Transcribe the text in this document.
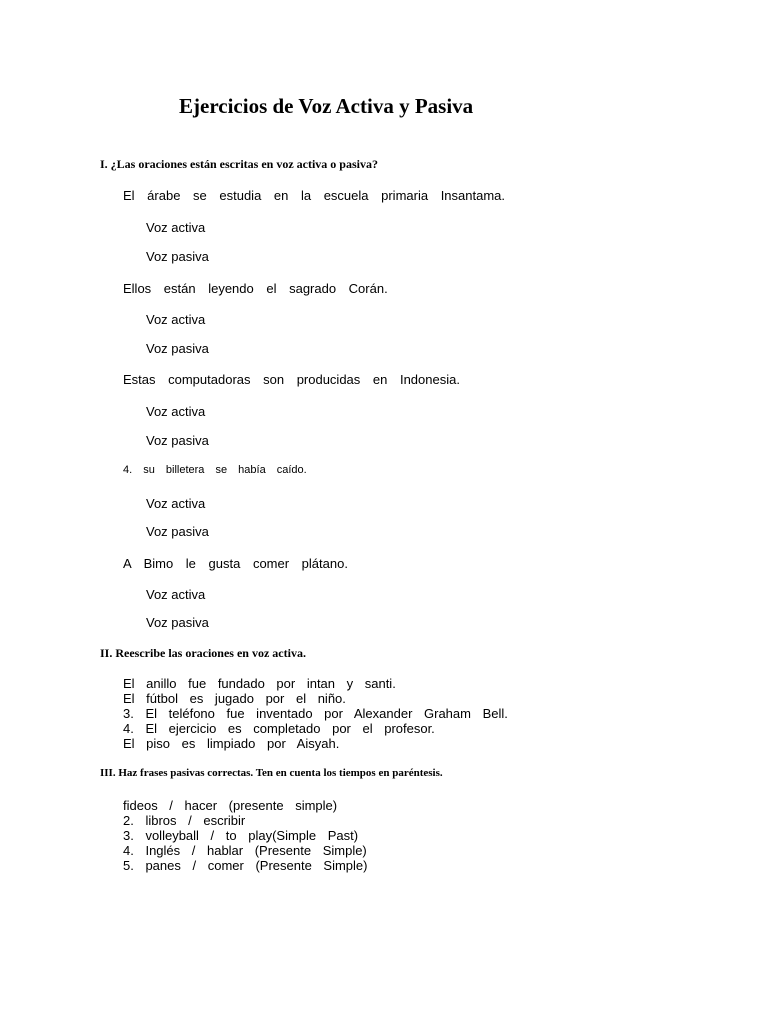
Ejercicios de Voz Activa y Pasiva
I. ¿Las oraciones están escritas en voz activa o pasiva?
El árabe se estudia en la escuela primaria Insantama.
Voz activa
Voz pasiva
Ellos están leyendo el sagrado Corán.
Voz activa
Voz pasiva
Estas computadoras son producidas en Indonesia.
Voz activa
Voz pasiva
4. su billetera se había caído.
Voz activa
Voz pasiva
A Bimo le gusta comer plátano.
Voz activa
Voz pasiva
II. Reescribe las oraciones en voz activa.
El anillo fue fundado por intan y santi.
El fútbol es jugado por el niño.
3. El teléfono fue inventado por Alexander Graham Bell.
4. El ejercicio es completado por el profesor.
El piso es limpiado por Aisyah.
III. Haz frases pasivas correctas. Ten en cuenta los tiempos en paréntesis.
fideos / hacer (presente simple)
2. libros / escribir
3. volleyball / to play(Simple Past)
4. Inglés / hablar (Presente Simple)
5. panes / comer (Presente Simple)
